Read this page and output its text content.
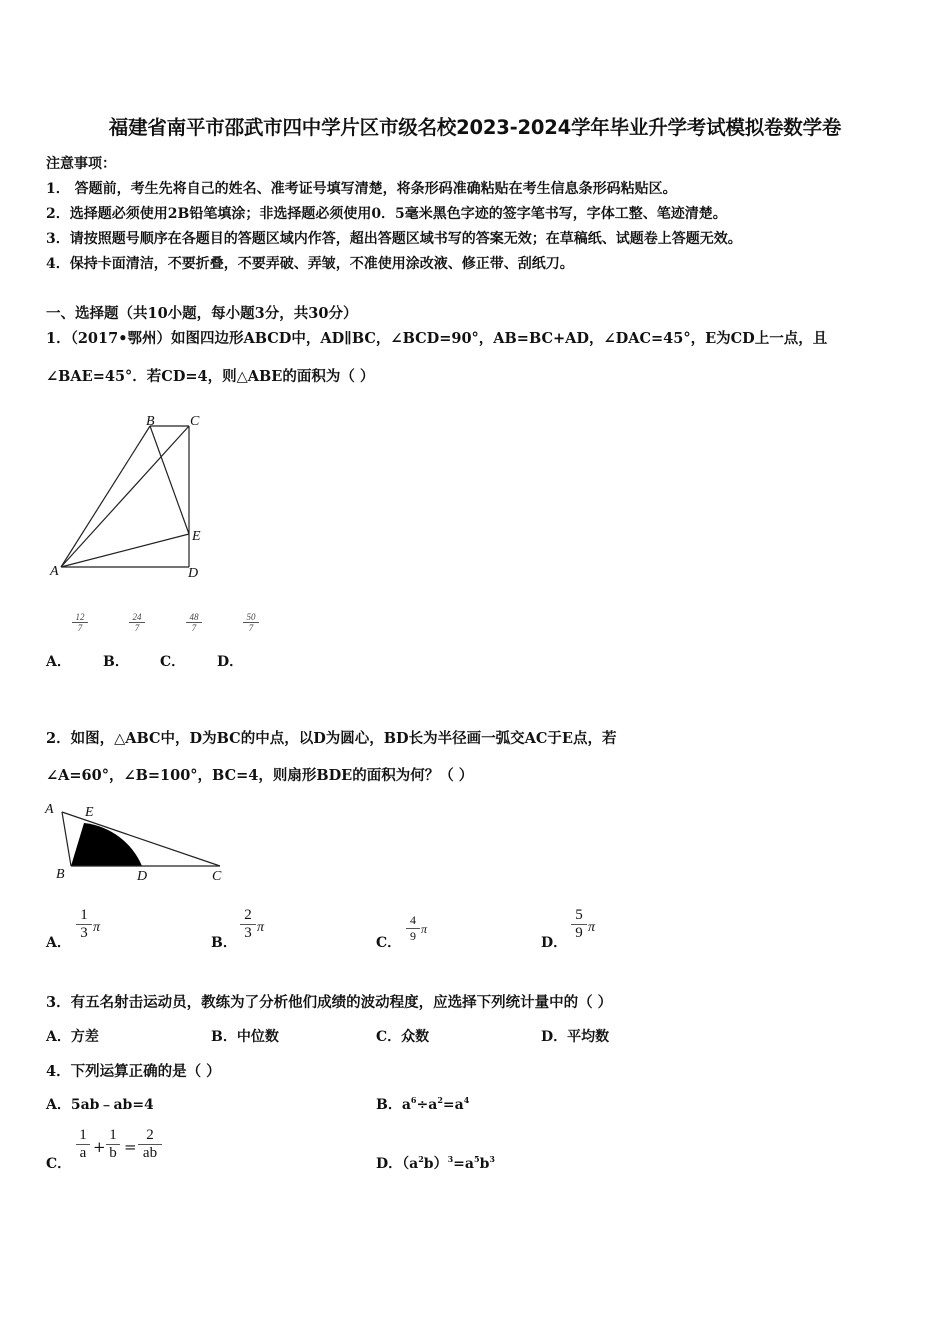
福建省南平市邵武市四中学片区市级名校2023-2024学年毕业升学考试模拟卷数学卷
注意事项：
1． 答题前，考生先将自己的姓名、准考证号填写清楚，将条形码准确粘贴在考生信息条形码粘贴区。
2．选择题必须使用2B铅笔填涂；非选择题必须使用0．5毫米黑色字迹的签字笔书写，字体工整、笔迹清楚。
3．请按照题号顺序在各题目的答题区域内作答，超出答题区域书写的答案无效；在草稿纸、试题卷上答题无效。
4．保持卡面清洁，不要折叠，不要弄破、弄皱，不准使用涂改液、修正带、刮纸刀。
一、选择题（共10小题，每小题3分，共30分）
1．（2017•鄂州）如图四边形ABCD中，AD∥BC，∠BCD=90°，AB=BC+AD，∠DAC=45°，E为CD上一点，且
∠BAE=45°．若CD=4，则△ABE的面积为（ ）
B	C
E
A	D
$\frac{12}{7}$	$\frac{24}{7}$	$\frac{48}{7}$	$\frac{50}{7}$
A． B． C． D．
2．如图，△ABC中，D为BC的中点，以D为圆心，BD长为半径画一弧交AC于E点，若
∠A=60°，∠B=100°，BC=4，则扇形BDE的面积为何？（ ）
A E
B	D	C
A．
$\frac{1}{3}$ π
B．
$\frac{2}{3}$ π
C． $\frac{4}{9}$ π
D．
$\frac{5}{9}$ π
3．有五名射击运动员，教练为了分析他们成绩的波动程度，应选择下列统计量中的（ ）
A．方差	B．中位数	C．众数	D．平均数
4．下列运算正确的是（ ）
A．5ab﹣ab=4	B．$a^6\div a^2=a^4$
C．
$\frac{1}{a} + \frac{1}{b} = \frac{2}{ab}$
D．$(a^2b)^3=a^5b^3$
